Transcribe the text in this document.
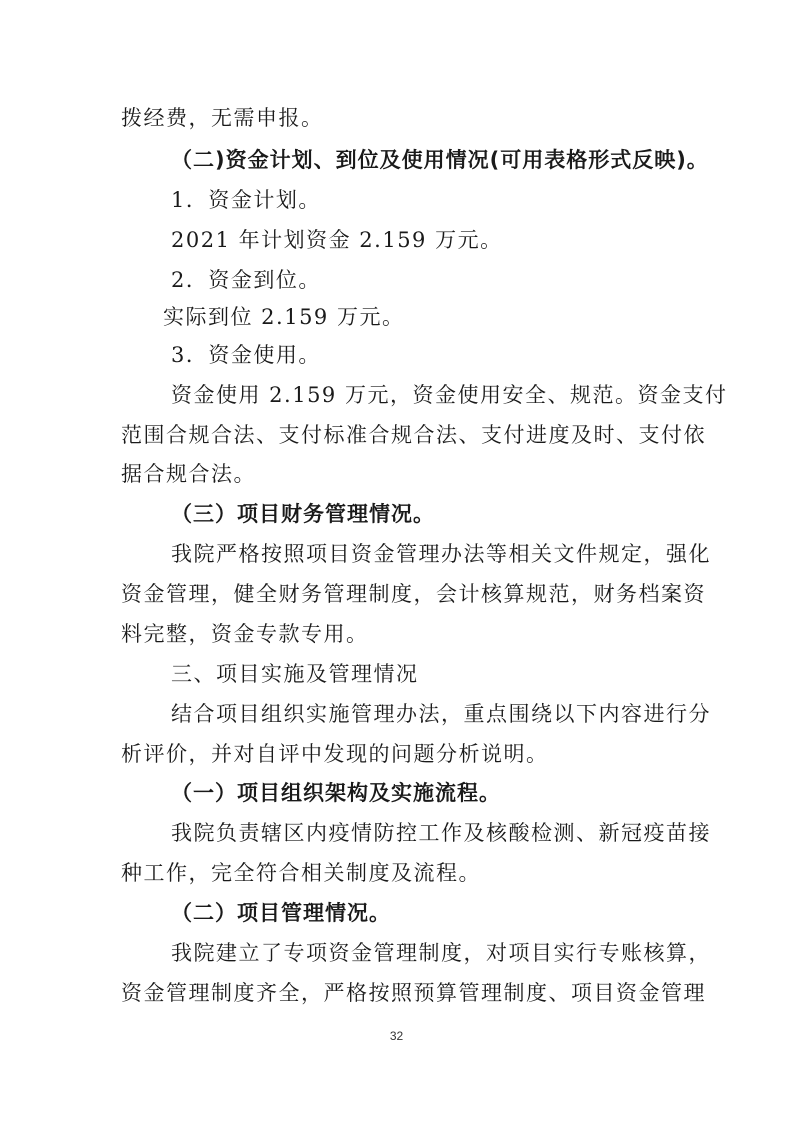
拨经费，无需申报。
（二)资金计划、到位及使用情况(可用表格形式反映)。
1．资金计划。
2021 年计划资金 2.159 万元。
2．资金到位。
实际到位 2.159 万元。
3．资金使用。
资金使用 2.159 万元，资金使用安全、规范。资金支付
范围合规合法、支付标准合规合法、支付进度及时、支付依
据合规合法。
（三）项目财务管理情况。
我院严格按照项目资金管理办法等相关文件规定，强化
资金管理，健全财务管理制度，会计核算规范，财务档案资
料完整，资金专款专用。
三、项目实施及管理情况
结合项目组织实施管理办法，重点围绕以下内容进行分
析评价，并对自评中发现的问题分析说明。
（一）项目组织架构及实施流程。
我院负责辖区内疫情防控工作及核酸检测、新冠疫苗接
种工作，完全符合相关制度及流程。
（二）项目管理情况。
我院建立了专项资金管理制度，对项目实行专账核算，
资金管理制度齐全，严格按照预算管理制度、项目资金管理
32
